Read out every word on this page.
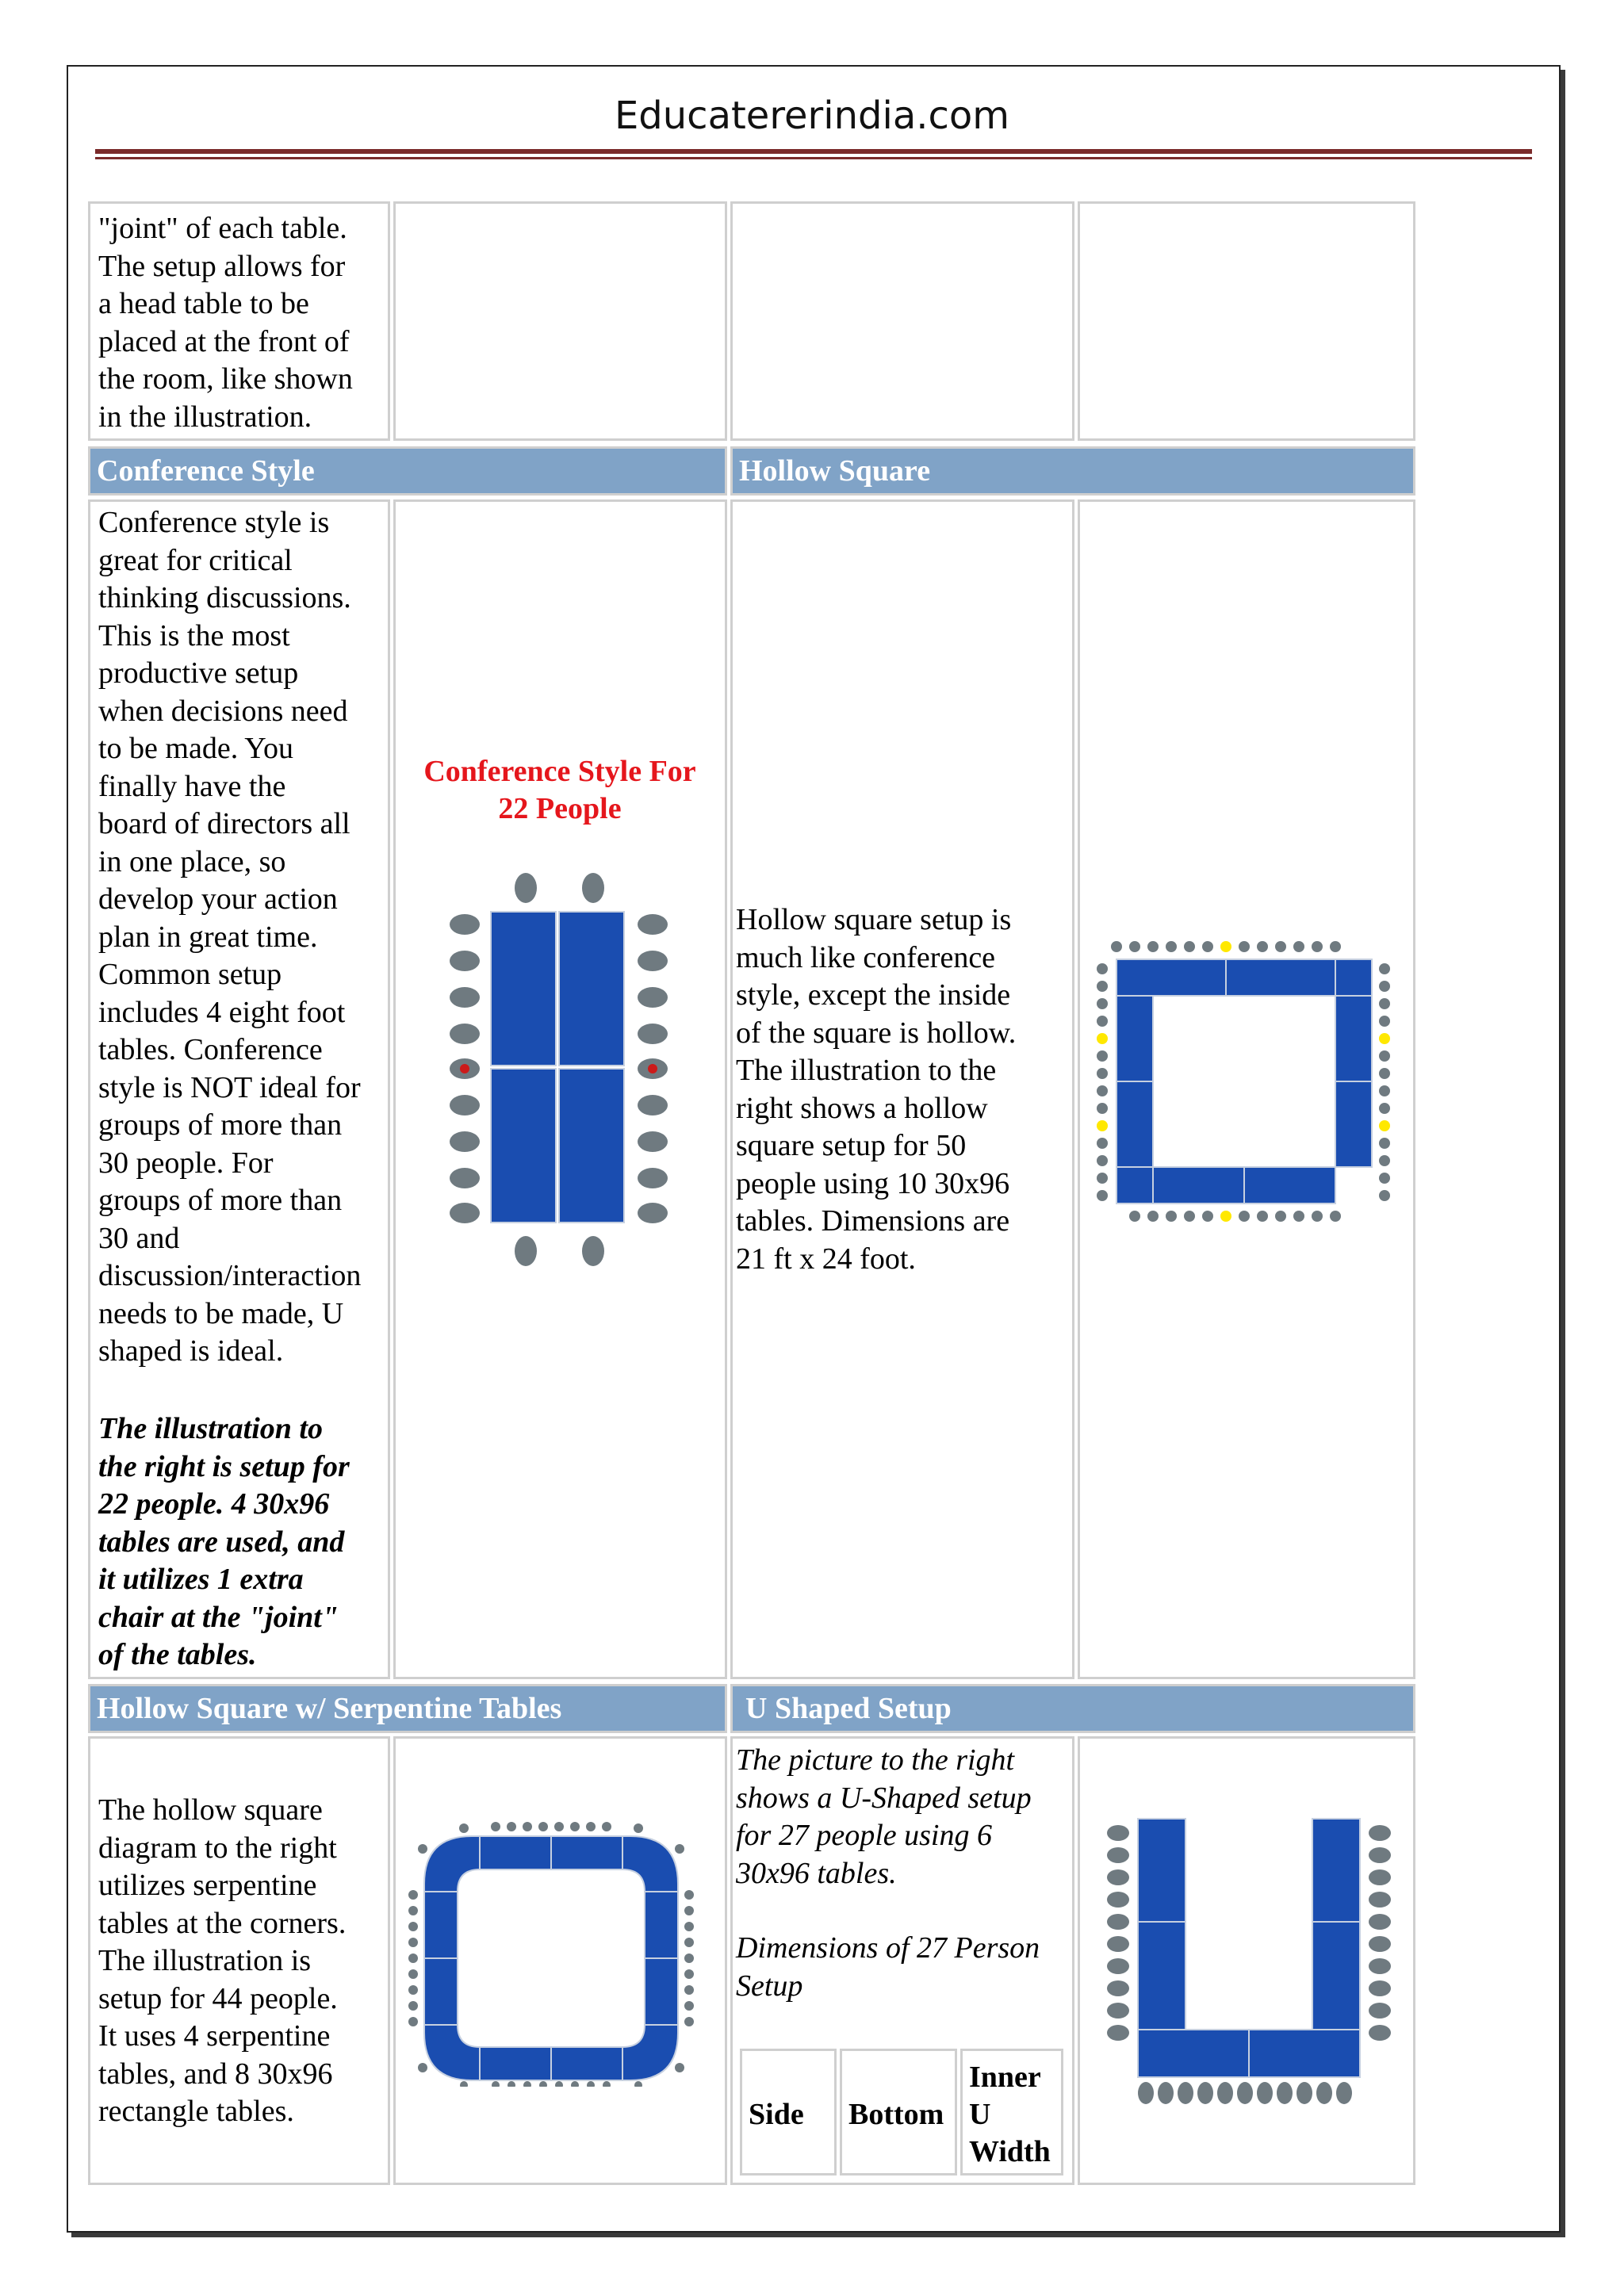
Educatererindia.com
"joint" of each table.
The setup allows for
a head table to be
placed at the front of
the room, like shown
in the illustration.
Conference Style	Hollow Square
Conference style is
great for critical
thinking discussions.
This is the most
productive setup
when decisions need
to be made. You
finally have the
board of directors all
in one place, so
develop your action
plan in great time.
Common setup
includes 4 eight foot
tables. Conference
style is NOT ideal for
groups of more than
30 people. For
groups of more than
30 and
discussion/interaction
needs to be made, U
shaped is ideal.
The illustration to
the right is setup for
22 people. 4 30x96
tables are used, and
it utilizes 1 extra
chair at the "joint"
of the tables.
Conference Style For
22 People
Hollow square setup is
much like conference
style, except the inside
of the square is hollow.
The illustration to the
right shows a hollow
square setup for 50
people using 10 30x96
tables. Dimensions are
21 ft x 24 foot.
Hollow Square w/ Serpentine Tables	U Shaped Setup
The hollow square
diagram to the right
utilizes serpentine
tables at the corners.
The illustration is
setup for 44 people.
It uses 4 serpentine
tables, and 8 30x96
rectangle tables.
The picture to the right
shows a U-Shaped setup
for 27 people using 6
30x96 tables.
Dimensions of 27 Person
Setup
Side Bottom
Inner
U
Width
